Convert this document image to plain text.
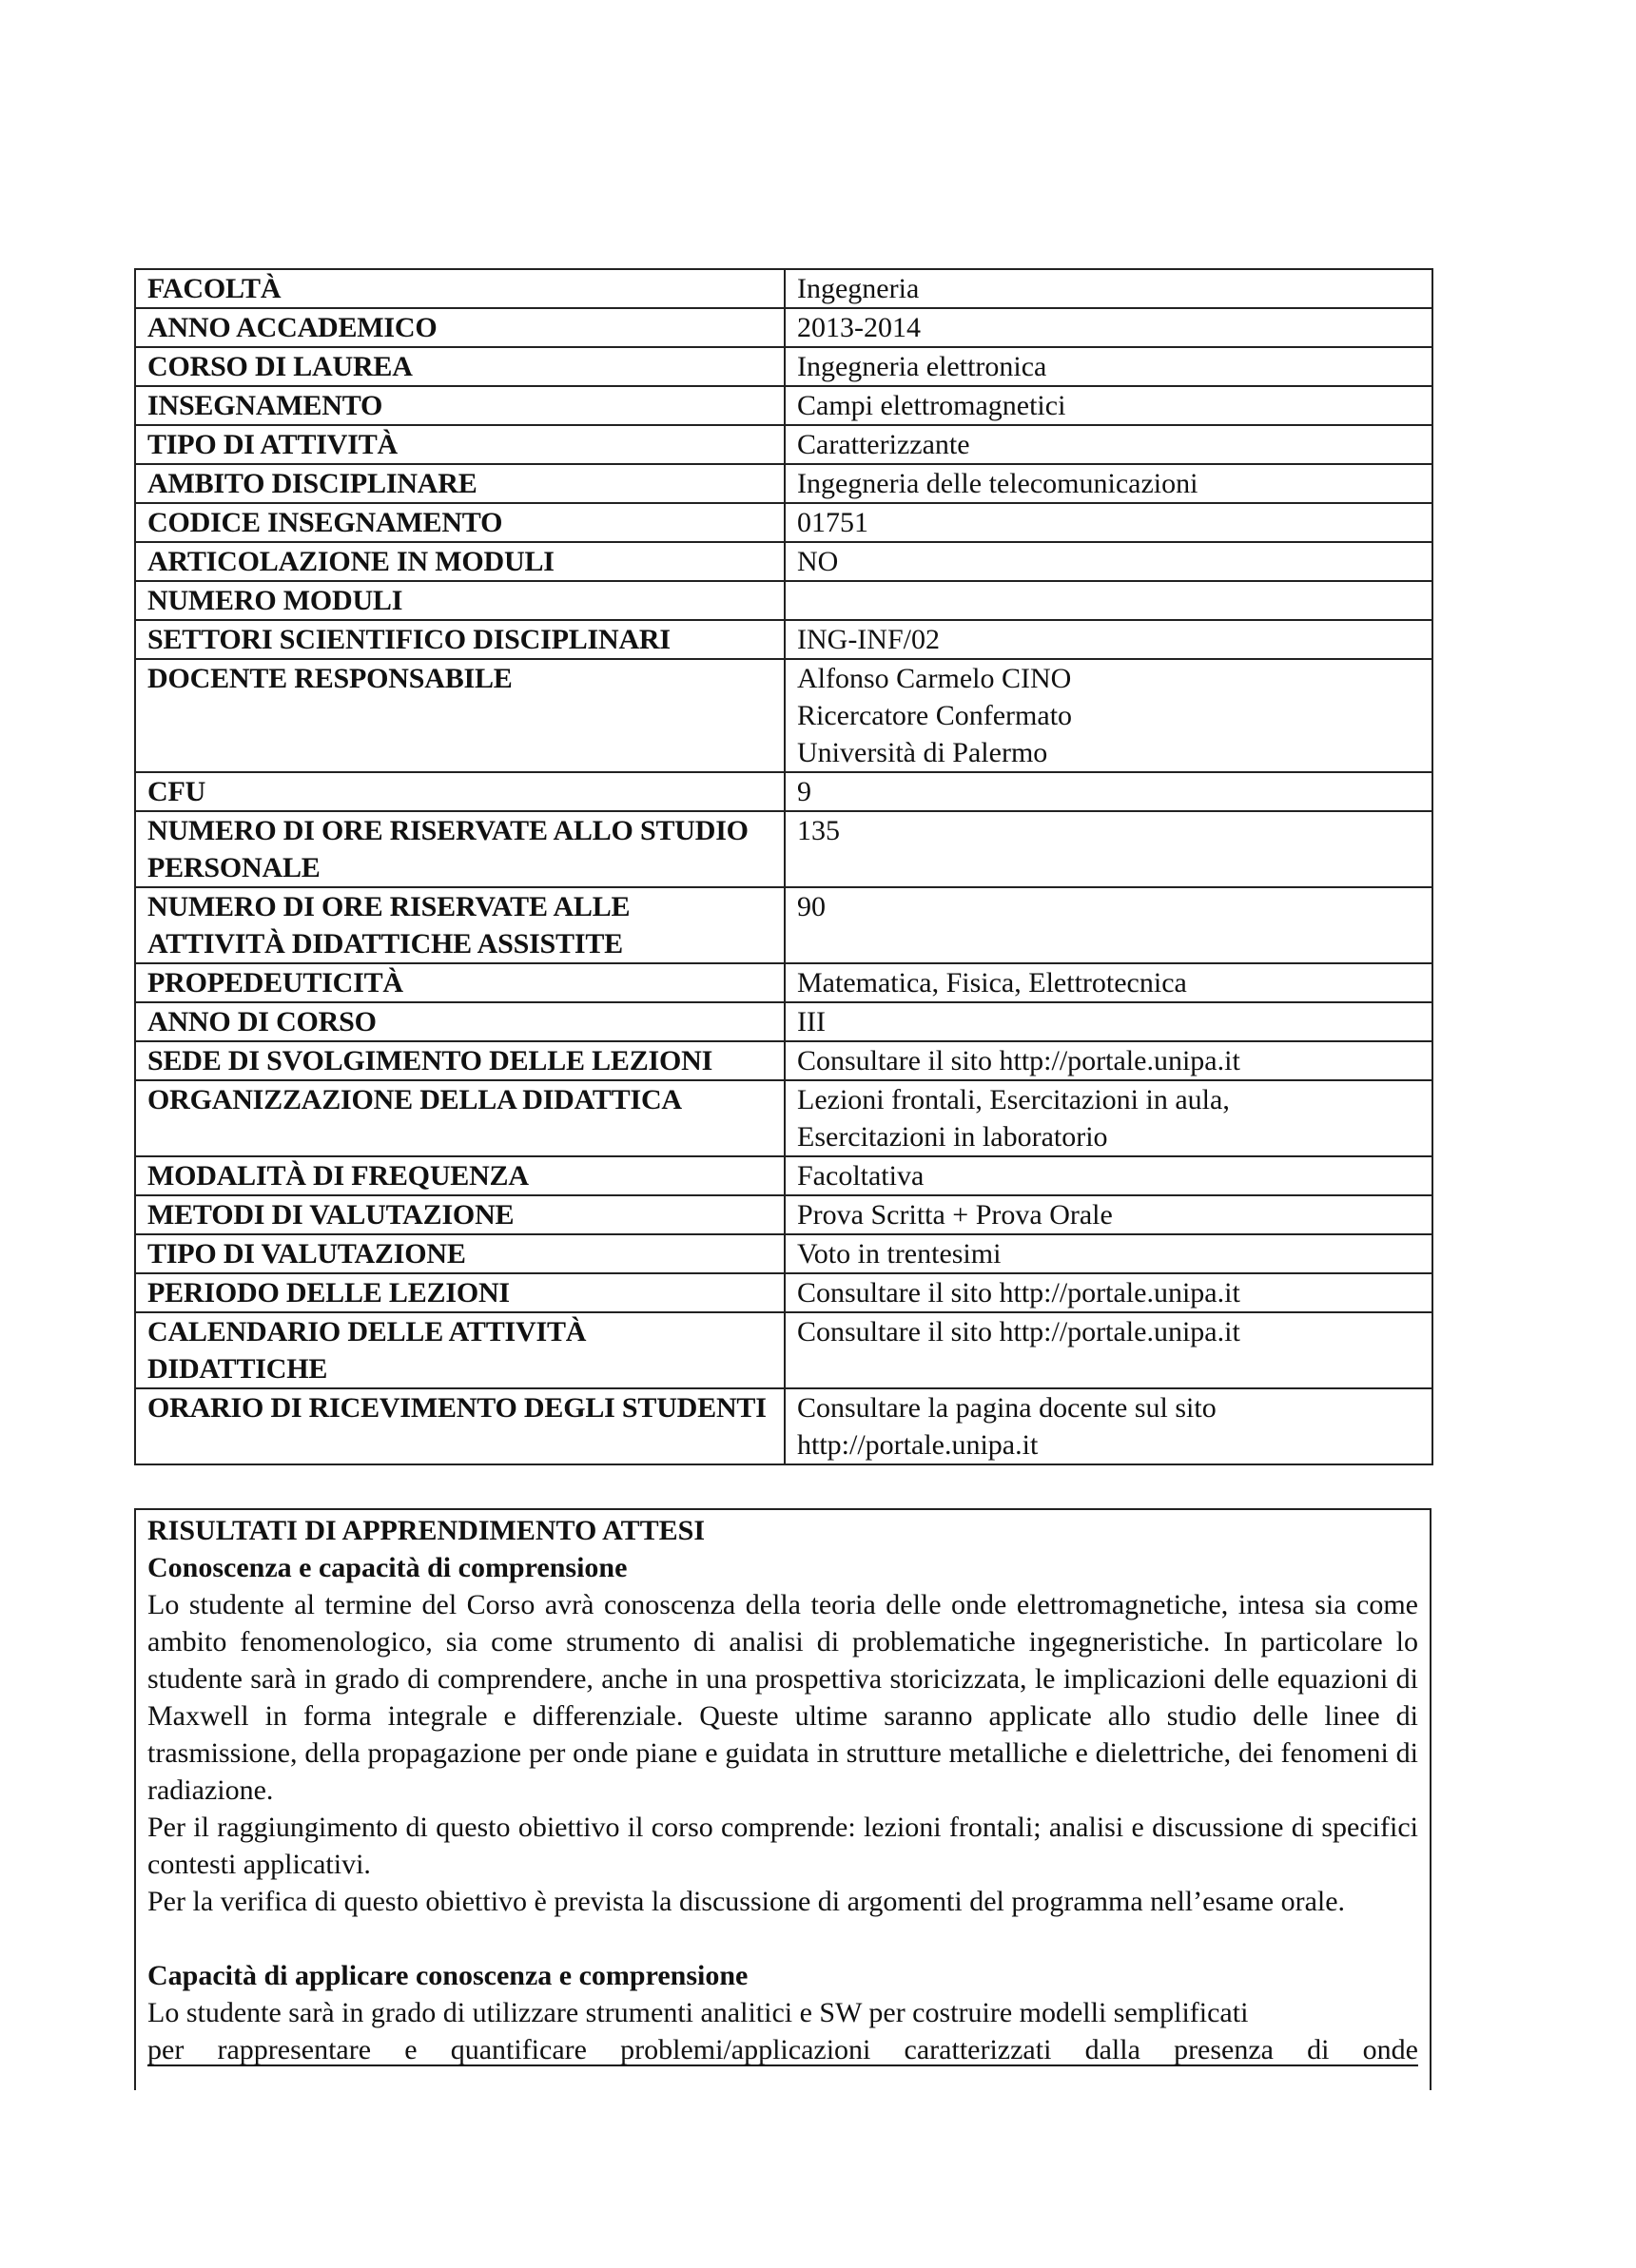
FACOLTÀ	Ingegneria

ANNO ACCADEMICO	2013-2014

CORSO DI LAUREA	Ingegneria elettronica

INSEGNAMENTO	Campi elettromagnetici

TIPO DI ATTIVITÀ	Caratterizzante

AMBITO DISCIPLINARE	Ingegneria delle telecomunicazioni

CODICE INSEGNAMENTO	01751

ARTICOLAZIONE IN MODULI	NO

NUMERO MODULI	

SETTORI SCIENTIFICO DISCIPLINARI	ING-INF/02

DOCENTE RESPONSABILE	Alfonso Carmelo CINO
Ricercatore Confermato
Università di Palermo

CFU	9

NUMERO DI ORE RISERVATE ALLO STUDIO PERSONALE	135

NUMERO DI ORE RISERVATE ALLE ATTIVITÀ DIDATTICHE ASSISTITE	90

PROPEDEUTICITÀ	Matematica, Fisica, Elettrotecnica

ANNO DI CORSO	III

SEDE DI SVOLGIMENTO DELLE LEZIONI	Consultare il sito http://portale.unipa.it

ORGANIZZAZIONE DELLA DIDATTICA	Lezioni frontali, Esercitazioni in aula,
Esercitazioni in laboratorio

MODALITÀ DI FREQUENZA	Facoltativa

METODI DI VALUTAZIONE	Prova Scritta + Prova Orale

TIPO DI VALUTAZIONE	Voto in trentesimi

PERIODO DELLE LEZIONI	Consultare il sito http://portale.unipa.it

CALENDARIO DELLE ATTIVITÀ DIDATTICHE	Consultare il sito http://portale.unipa.it

ORARIO DI RICEVIMENTO DEGLI STUDENTI	Consultare la pagina docente sul sito
http://portale.unipa.it
RISULTATI DI APPRENDIMENTO ATTESI
Conoscenza e capacità di comprensione

Lo studente al termine del Corso avrà conoscenza della teoria delle onde elettromagnetiche, intesa sia come ambito fenomenologico, sia come strumento di analisi di problematiche ingegneristiche. In particolare lo studente sarà in grado di comprendere, anche in una prospettiva storicizzata, le implicazioni delle equazioni di Maxwell in forma integrale e differenziale. Queste ultime saranno applicate allo studio delle linee di trasmissione, della propagazione per onde piane e guidata in strutture metalliche e dielettriche, dei fenomeni di radiazione.

Per il raggiungimento di questo obiettivo il corso comprende: lezioni frontali; analisi e discussione di specifici contesti applicativi.

Per la verifica di questo obiettivo è prevista la discussione di argomenti del programma nell’esame orale.

Capacità di applicare conoscenza e comprensione

Lo studente sarà in grado di utilizzare strumenti analitici e SW per costruire modelli semplificati

per rappresentare e quantificare problemi/applicazioni caratterizzati dalla presenza di onde
